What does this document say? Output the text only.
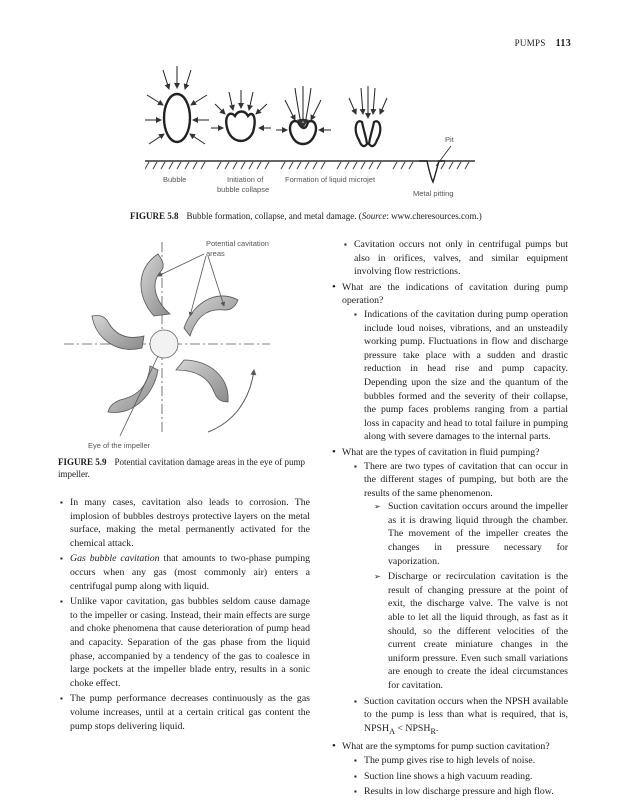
PUMPS 113
Bubble	Initiation of
bubble collapse
Formation of liquid microjet
Pit
Metal pitting
FIGURE 5.8 Bubble formation, collapse, and metal damage. (Source: www.cheresources.com.)
Potential cavitation
areas
Eye of the impeller
FIGURE 5.9 Potential cavitation damage areas in the eye of pump impeller.
▪ In many cases, cavitation also leads to corrosion. The implosion of bubbles destroys protective layers on the metal surface, making the metal permanently activated for the chemical attack.
▪ Gas bubble cavitation that amounts to two-phase pumping occurs when any gas (most commonly air) enters a centrifugal pump along with liquid.
▪ Unlike vapor cavitation, gas bubbles seldom cause damage to the impeller or casing. Instead, their main effects are surge and choke phenomena that cause deterioration of pump head and capacity. Separation of the gas phase from the liquid phase, accompanied by a tendency of the gas to coalesce in large pockets at the impeller blade entry, results in a sonic choke effect.
▪ The pump performance decreases continuously as the gas volume increases, until at a certain critical gas content the pump stops delivering liquid.
▪ Cavitation occurs not only in centrifugal pumps but also in orifices, valves, and similar equipment involving flow restrictions.
• What are the indications of cavitation during pump operation?
▪ Indications of the cavitation during pump operation include loud noises, vibrations, and an unsteadily working pump. Fluctuations in flow and discharge pressure take place with a sudden and drastic reduction in head rise and pump capacity. Depending upon the size and the quantum of the bubbles formed and the severity of their collapse, the pump faces problems ranging from a partial loss in capacity and head to total failure in pumping along with severe damages to the internal parts.
• What are the types of cavitation in fluid pumping?
▪ There are two types of cavitation that can occur in the different stages of pumping, but both are the results of the same phenomenon.
➢ Suction cavitation occurs around the impeller as it is drawing liquid through the chamber. The movement of the impeller creates the changes in pressure necessary for vaporization.
➢ Discharge or recirculation cavitation is the result of changing pressure at the point of exit, the discharge valve. The valve is not able to let all the liquid through, as fast as it should, so the different velocities of the current create miniature changes in the uniform pressure. Even such small variations are enough to create the ideal circumstances for cavitation.
▪ Suction cavitation occurs when the NPSH available to the pump is less than what is required, that is, $NPSH_A$ < $NPSH_R$.
• What are the symptoms for pump suction cavitation?
▪ The pump gives rise to high levels of noise.
▪ Suction line shows a high vacuum reading.
▪ Results in low discharge pressure and high flow.
